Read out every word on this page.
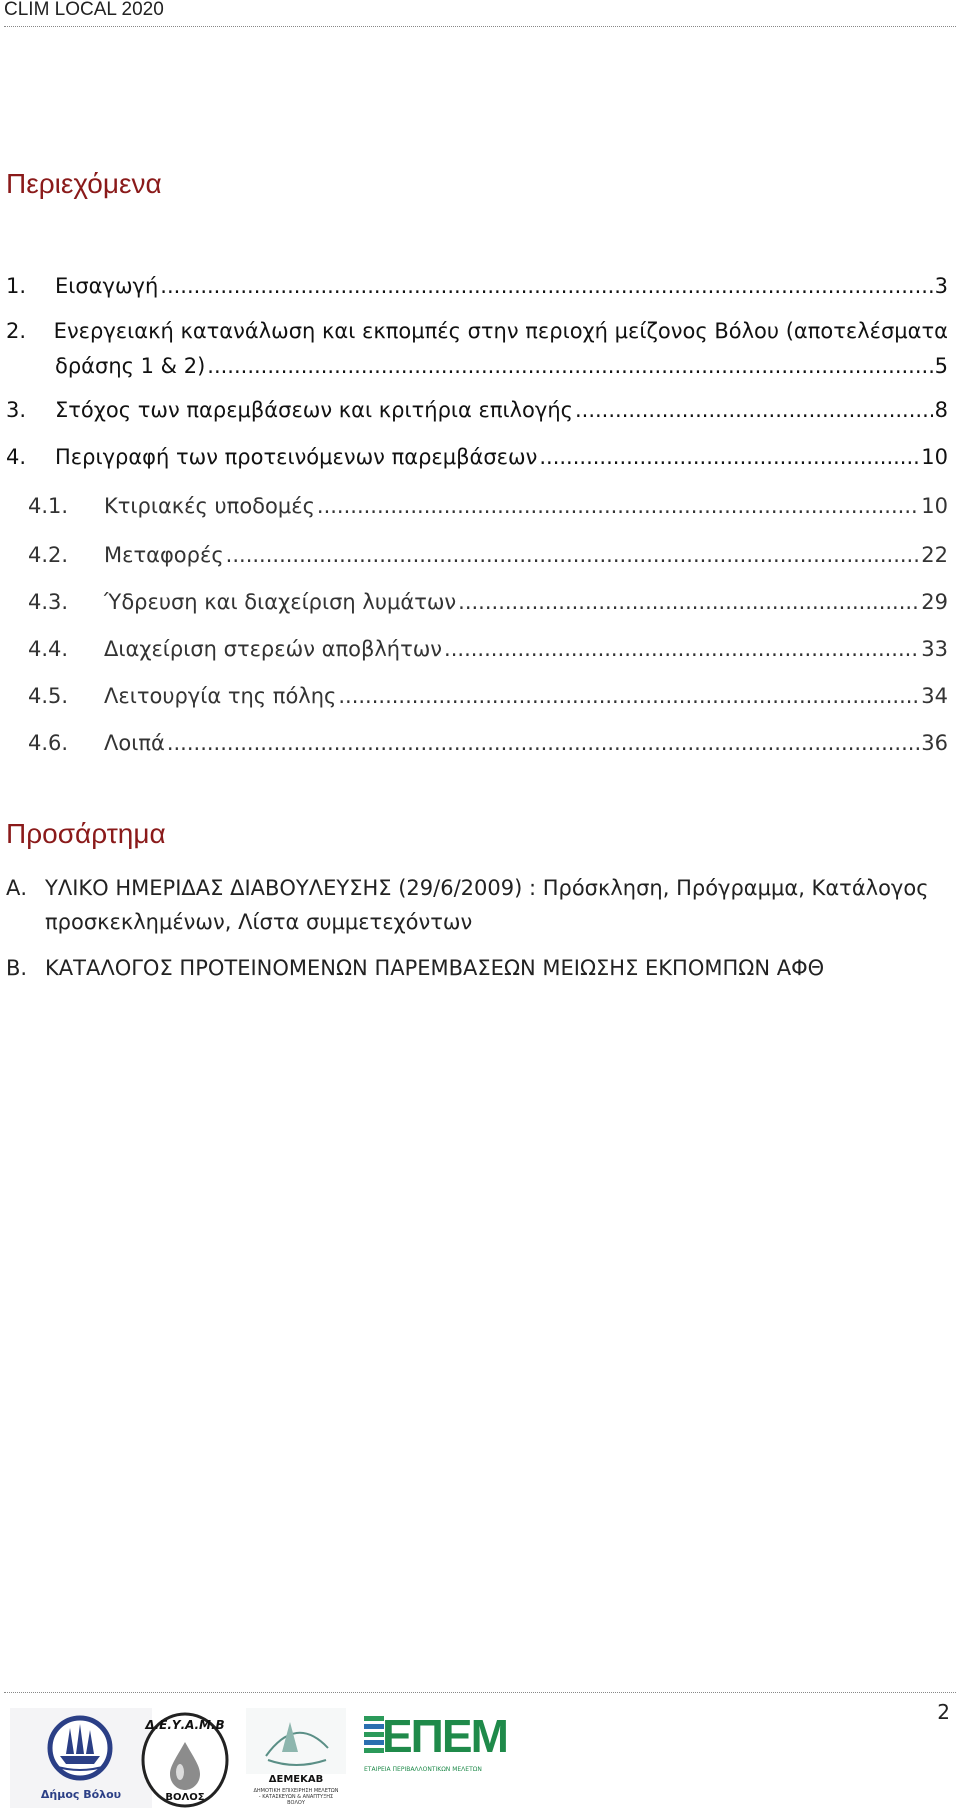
CLIM LOCAL 2020
Περιεχόμενα
1.	Εισαγωγή .....	3
2.	Ενεργειακή κατανάλωση και εκπομπές στην περιοχή μείζονος Βόλου (αποτελέσματα
δράσης 1 & 2) .....	5
3.	Στόχος των παρεμβάσεων και κριτήρια επιλογής .....	8
4.	Περιγραφή των προτεινόμενων παρεμβάσεων .....	10
4.1.	Κτιριακές υποδομές .....	10
4.2.	Μεταφορές .....	22
4.3.	Ύδρευση και διαχείριση λυμάτων .....	29
4.4.	Διαχείριση στερεών αποβλήτων .....	33
4.5.	Λειτουργία της πόλης .....	34
4.6.	Λοιπά .....	36
Προσάρτημα
Α. ΥΛΙΚΟ ΗΜΕΡΙΔΑΣ ΔΙΑΒΟΥΛΕΥΣΗΣ (29/6/2009) : Πρόσκληση, Πρόγραμμα, Κατάλογος
προσκεκλημένων, Λίστα συμμετεχόντων
Β. ΚΑΤΑΛΟΓΟΣ ΠΡΟΤΕΙΝΟΜΕΝΩΝ ΠΑΡΕΜΒΑΣΕΩΝ ΜΕΙΩΣΗΣ ΕΚΠΟΜΠΩΝ ΑΦΘ
2
Δήμος Βόλου
Δ.Ε.Υ.Α.Μ.Β
ΒΟΛΟΣ
ΔΕΜΕΚΑΒ
ΔΗΜΟΤΙΚΗ ΕΠΙΧΕΙΡΗΣΗ ΜΕΛΕΤΩΝ - ΚΑΤΑΣΚΕΥΩΝ & ΑΝΑΠΤΥΞΗΣ ΒΟΛΟΥ
ΕΠΕΜ
ΕΤΑΙΡΕΙΑ ΠΕΡΙΒΑΛΛΟΝΤΙΚΩΝ ΜΕΛΕΤΩΝ
